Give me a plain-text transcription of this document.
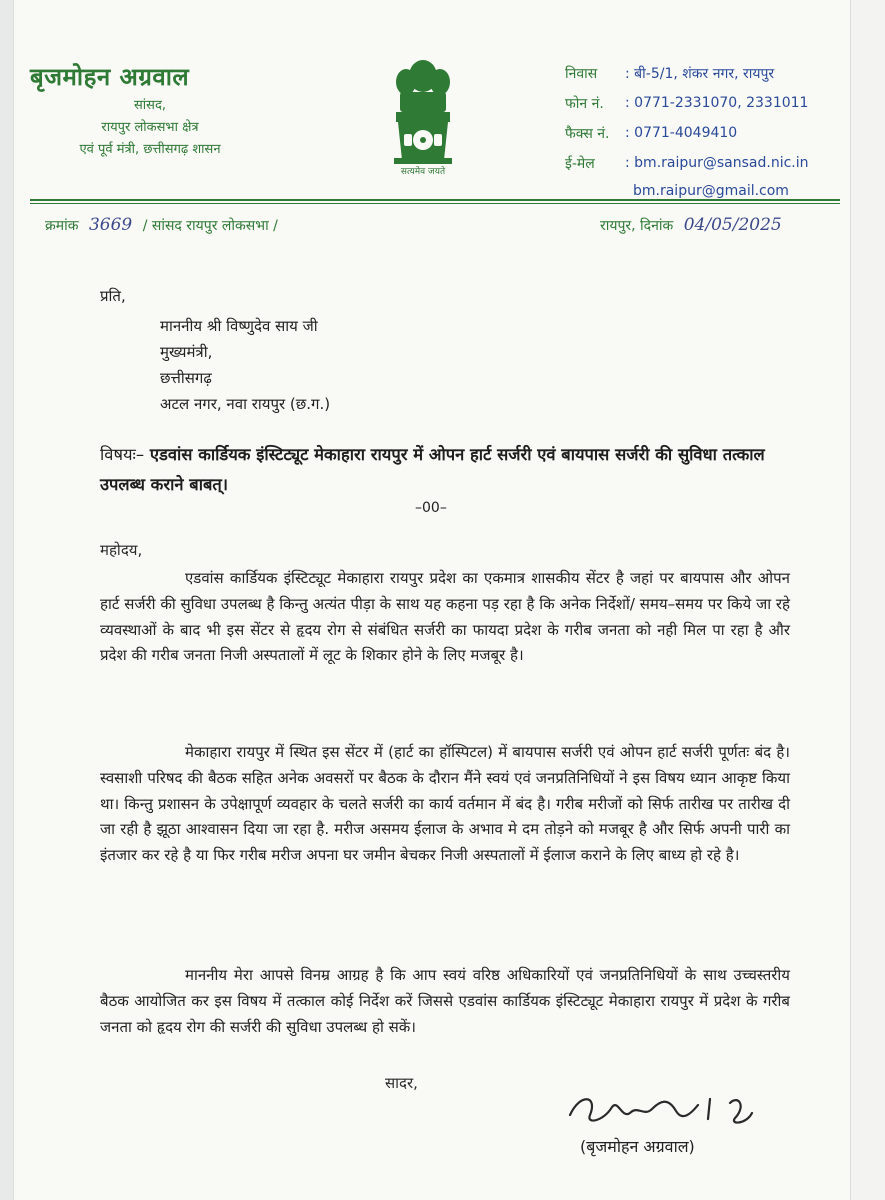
बृजमोहन अग्रवाल
सांसद,
रायपुर लोकसभा क्षेत्र
एवं पूर्व मंत्री, छत्तीसगढ़ शासन
सत्यमेव जयते
निवास	: बी-5/1, शंकर नगर, रायपुर
फोन नं.	: 0771-2331070, 2331011
फैक्स नं.	: 0771-4049410
ई-मेल	: bm.raipur@sansad.nic.in
bm.raipur@gmail.com
क्रमांक 3669 / सांसद रायपुर लोकसभा /	रायपुर, दिनांक 04/05/2025
प्रति,
माननीय श्री विष्णुदेव साय जी
मुख्यमंत्री,
छत्तीसगढ़
अटल नगर, नवा रायपुर (छ.ग.)
विषयः– एडवांस कार्डियक इंस्टिट्यूट मेकाहारा रायपुर में ओपन हार्ट सर्जरी एवं बायपास सर्जरी की सुविधा तत्काल उपलब्ध कराने बाबत्।
–00–
महोदय,
एडवांस कार्डियक इंस्टिट्यूट मेकाहारा रायपुर प्रदेश का एकमात्र शासकीय सेंटर है जहां पर बायपास और ओपन हार्ट सर्जरी की सुविधा उपलब्ध है किन्तु अत्यंत पीड़ा के साथ यह कहना पड़ रहा है कि अनेक निर्देशों/ समय–समय पर किये जा रहे व्यवस्थाओं के बाद भी इस सेंटर से हृदय रोग से संबंधित सर्जरी का फायदा प्रदेश के गरीब जनता को नही मिल पा रहा है और प्रदेश की गरीब जनता निजी अस्पतालों में लूट के शिकार होने के लिए मजबूर है।
मेकाहारा रायपुर में स्थित इस सेंटर में (हार्ट का हॉस्पिटल) में बायपास सर्जरी एवं ओपन हार्ट सर्जरी पूर्णतः बंद है। स्वसाशी परिषद की बैठक सहित अनेक अवसरों पर बैठक के दौरान मैंने स्वयं एवं जनप्रतिनिधियों ने इस विषय ध्यान आकृष्ट किया था। किन्तु प्रशासन के उपेक्षापूर्ण व्यवहार के चलते सर्जरी का कार्य वर्तमान में बंद है। गरीब मरीजों को सिर्फ तारीख पर तारीख दी जा रही है झूठा आश्वासन दिया जा रहा है. मरीज असमय ईलाज के अभाव मे दम तोड़ने को मजबूर है और सिर्फ अपनी पारी का इंतजार कर रहे है या फिर गरीब मरीज अपना घर जमीन बेचकर निजी अस्पतालों में ईलाज कराने के लिए बाध्य हो रहे है।
माननीय मेरा आपसे विनम्र आग्रह है कि आप स्वयं वरिष्ठ अधिकारियों एवं जनप्रतिनिधियों के साथ उच्चस्तरीय बैठक आयोजित कर इस विषय में तत्काल कोई निर्देश करें जिससे एडवांस कार्डियक इंस्टिट्यूट मेकाहारा रायपुर में प्रदेश के गरीब जनता को हृदय रोग की सर्जरी की सुविधा उपलब्ध हो सकें।
सादर,
(बृजमोहन अग्रवाल)
